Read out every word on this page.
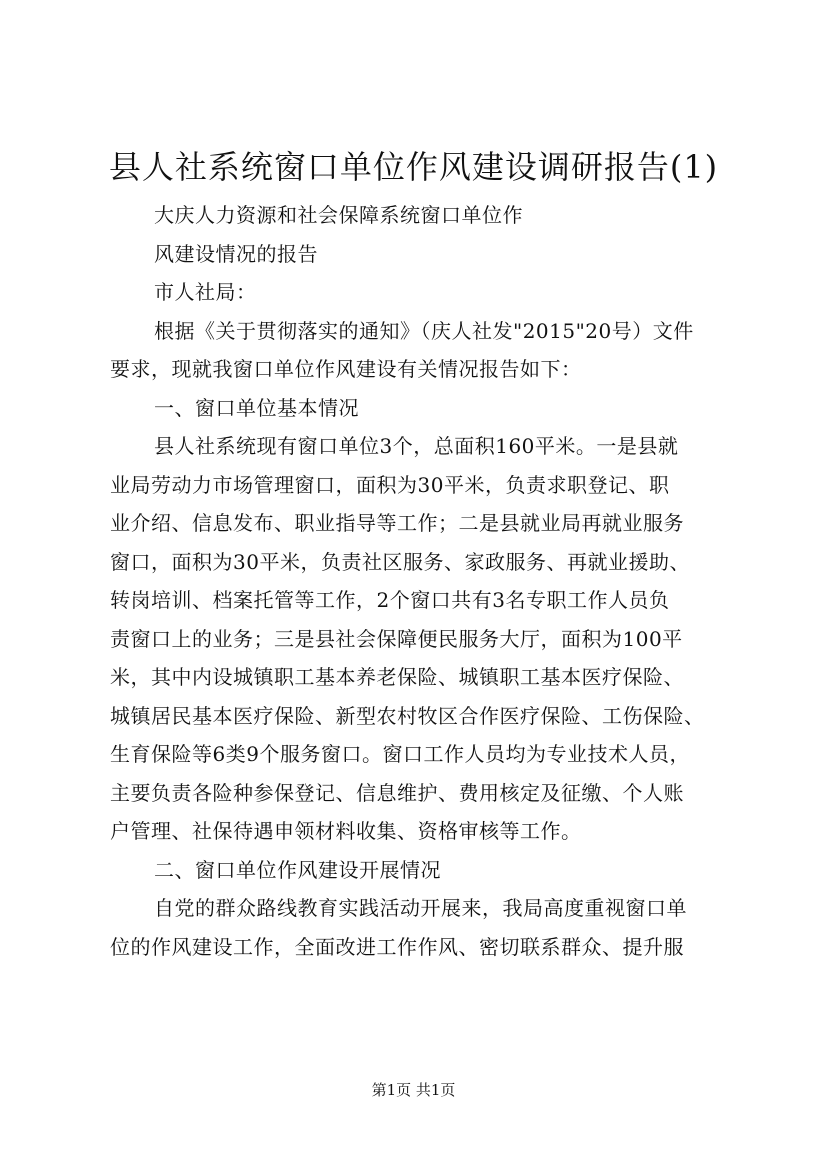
县人社系统窗口单位作风建设调研报告(1)

大庆人力资源和社会保障系统窗口单位作

风建设情况的报告

市人社局：

根据《关于贯彻落实的通知》（庆人社发"2015"20号）文件

要求，现就我窗口单位作风建设有关情况报告如下：

一、窗口单位基本情况

县人社系统现有窗口单位3个，总面积160平米。一是县就

业局劳动力市场管理窗口，面积为30平米，负责求职登记、职

业介绍、信息发布、职业指导等工作；二是县就业局再就业服务

窗口，面积为30平米，负责社区服务、家政服务、再就业援助、

转岗培训、档案托管等工作，2个窗口共有3名专职工作人员负

责窗口上的业务；三是县社会保障便民服务大厅，面积为100平

米，其中内设城镇职工基本养老保险、城镇职工基本医疗保险、

城镇居民基本医疗保险、新型农村牧区合作医疗保险、工伤保险、

生育保险等6类9个服务窗口。窗口工作人员均为专业技术人员，

主要负责各险种参保登记、信息维护、费用核定及征缴、个人账

户管理、社保待遇申领材料收集、资格审核等工作。

二、窗口单位作风建设开展情况

自党的群众路线教育实践活动开展来，我局高度重视窗口单

位的作风建设工作，全面改进工作作风、密切联系群众、提升服

第1页 共1页
